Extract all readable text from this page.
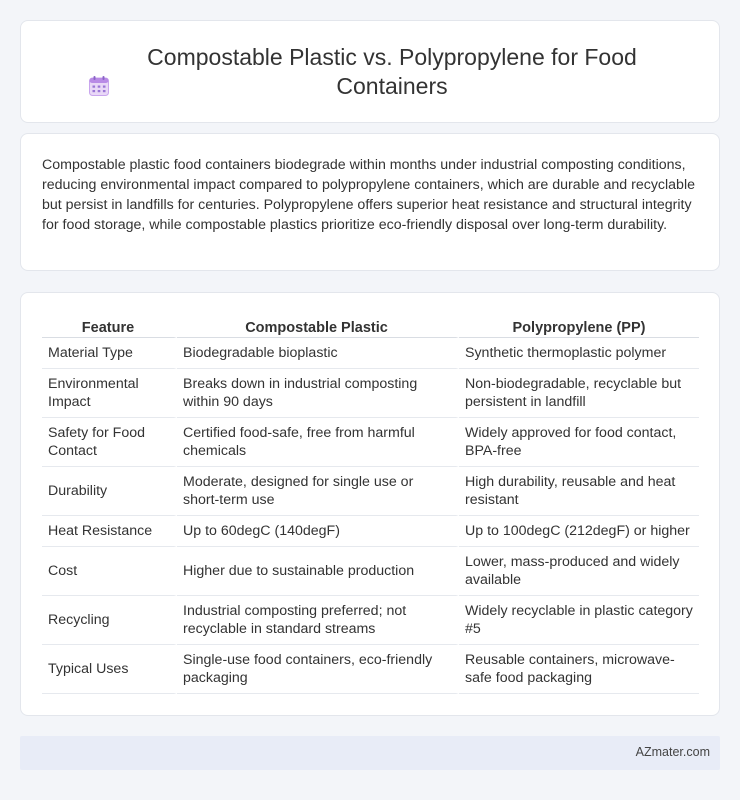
Compostable Plastic vs. Polypropylene for Food Containers

Compostable plastic food containers biodegrade within months under industrial composting conditions, reducing environmental impact compared to polypropylene containers, which are durable and recyclable but persist in landfills for centuries. Polypropylene offers superior heat resistance and structural integrity for food storage, while compostable plastics prioritize eco-friendly disposal over long-term durability.

Feature	Compostable Plastic	Polypropylene (PP)
Material Type	Biodegradable bioplastic	Synthetic thermoplastic polymer
Environmental Impact	Breaks down in industrial composting within 90 days	Non-biodegradable, recyclable but persistent in landfill
Safety for Food Contact	Certified food-safe, free from harmful chemicals	Widely approved for food contact, BPA-free
Durability	Moderate, designed for single use or short-term use	High durability, reusable and heat resistant
Heat Resistance	Up to 60degC (140degF)	Up to 100degC (212degF) or higher
Cost	Higher due to sustainable production	Lower, mass-produced and widely available
Recycling	Industrial composting preferred; not recyclable in standard streams	Widely recyclable in plastic category #5
Typical Uses	Single-use food containers, eco-friendly packaging	Reusable containers, microwave-safe food packaging
AZmater.com
